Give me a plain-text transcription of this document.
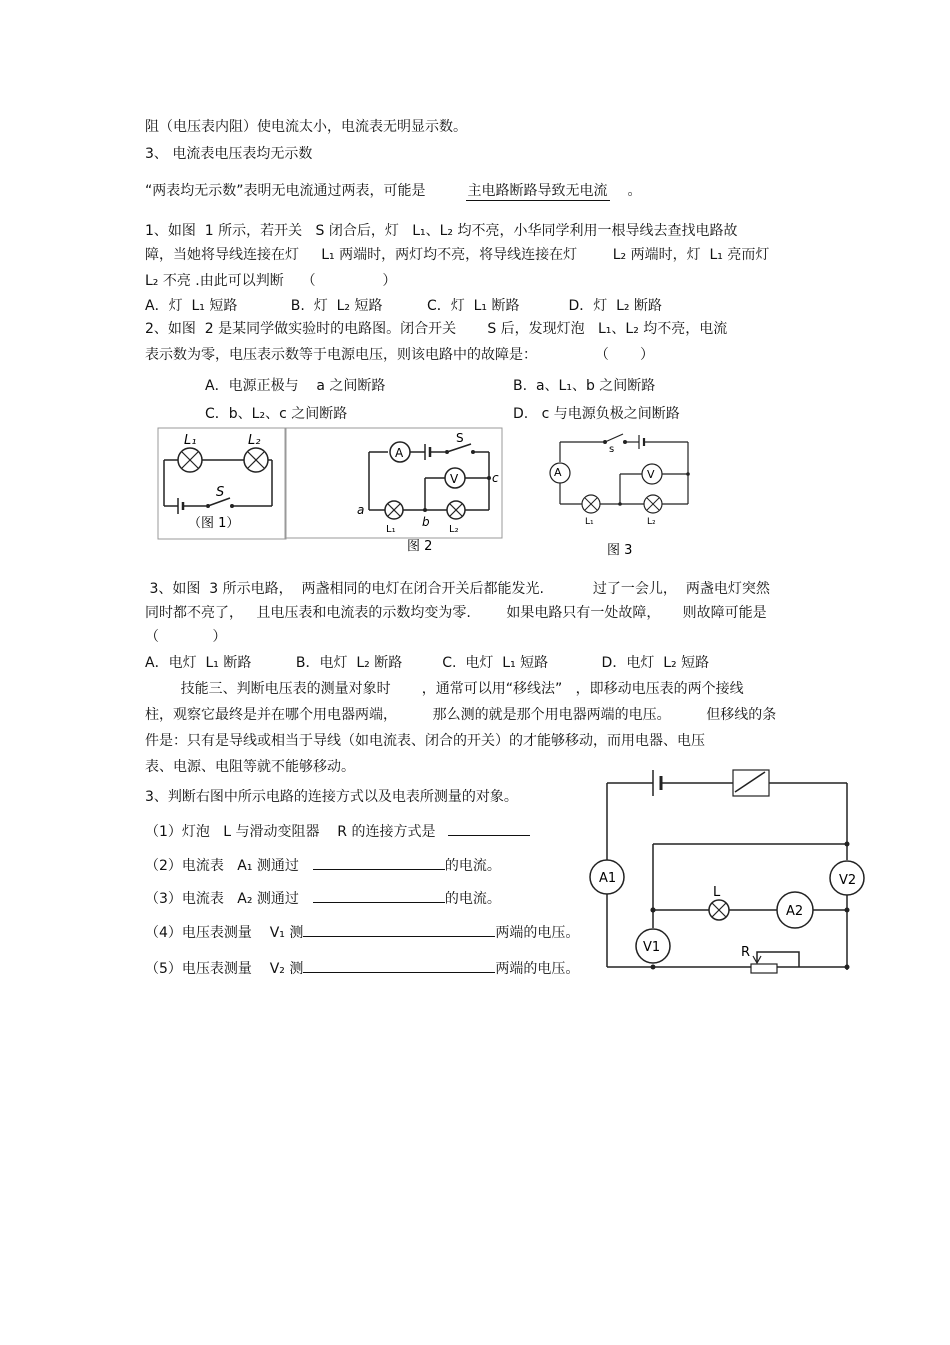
阻（电压表内阻）使电流太小，电流表无明显示数。
3、 电流表电压表均无示数
“两表均无示数”表明无电流通过两表，可能是	主电路断路导致无电流 。
1、如图  1 所示，若开关   S 闭合后，灯   L₁、L₂ 均不亮，小华同学利用一根导线去查找电路故
障，当她将导线连接在灯     L₁ 两端时，两灯均不亮，将导线连接在灯        L₂ 两端时，灯  L₁ 亮而灯
L₂ 不亮 .由此可以判断    （               ）
A．灯  L₁ 短路            B.  灯  L₂ 短路          C．灯  L₁ 断路           D．灯  L₂ 断路
2、如图  2 是某同学做实验时的电路图。闭合开关       S 后，发现灯泡   L₁、L₂ 均不亮，电流
表示数为零，电压表示数等于电源电压，则该电路中的故障是：             （       ）
A．电源正极与    a 之间断路	B.  a、L₁、b 之间断路
C．b、L₂、c 之间断路	D.   c 与电源负极之间断路
L₁	L₂
S
（图 1）
A
V
S
a
b
c
L₁	L₂
图 2
A	V
s
L₁	L₂
图 3
3、如图  3 所示电路，  两盏相同的电灯在闭合开关后都能发光.           过了一会儿，  两盏电灯突然
同时都不亮了，   且电压表和电流表的示数均变为零.        如果电路只有一处故障，     则故障可能是
（            ）
A．电灯  L₁ 断路          B．电灯  L₂ 断路         C.  电灯  L₁ 短路            D．电灯  L₂ 短路
技能三、判断电压表的测量对象时       ，通常可以用“移线法”   ，即移动电压表的两个接线
柱，观察它最终是并在哪个用电器两端，        那么测的就是那个用电器两端的电压。        但移线的条
件是：只有是导线或相当于导线（如电流表、闭合的开关）的才能够移动，而用电器、电压
表、电源、电阻等就不能够移动。
3、判断右图中所示电路的连接方式以及电表所测量的对象。
（1）灯泡   L 与滑动变阻器    R 的连接方式是
（2）电流表   A₁ 测通过	的电流。
（3）电流表   A₂ 测通过	的电流。
（4）电压表测量    V₁ 测	两端的电压。
（5）电压表测量    V₂ 测	两端的电压。
A1	V2
V1
A2
L
R
